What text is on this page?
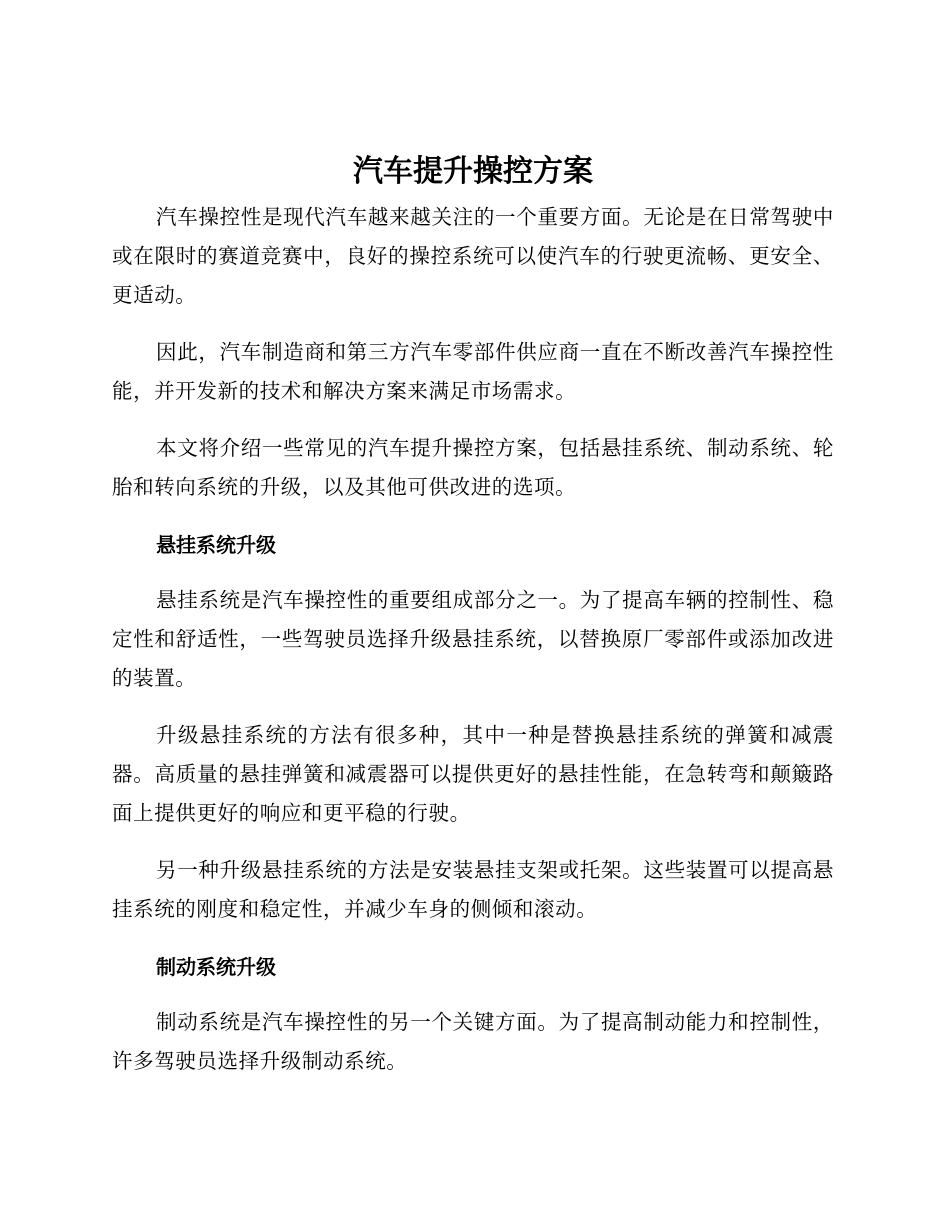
汽车提升操控方案

汽车操控性是现代汽车越来越关注的一个重要方面。无论是在日常驾驶中或在限时的赛道竞赛中，良好的操控系统可以使汽车的行驶更流畅、更安全、更适动。

因此，汽车制造商和第三方汽车零部件供应商一直在不断改善汽车操控性能，并开发新的技术和解决方案来满足市场需求。

本文将介绍一些常见的汽车提升操控方案，包括悬挂系统、制动系统、轮胎和转向系统的升级，以及其他可供改进的选项。

悬挂系统升级

悬挂系统是汽车操控性的重要组成部分之一。为了提高车辆的控制性、稳定性和舒适性，一些驾驶员选择升级悬挂系统，以替换原厂零部件或添加改进的装置。

升级悬挂系统的方法有很多种，其中一种是替换悬挂系统的弹簧和减震器。高质量的悬挂弹簧和减震器可以提供更好的悬挂性能，在急转弯和颠簸路面上提供更好的响应和更平稳的行驶。

另一种升级悬挂系统的方法是安装悬挂支架或托架。这些装置可以提高悬挂系统的刚度和稳定性，并减少车身的侧倾和滚动。

制动系统升级

制动系统是汽车操控性的另一个关键方面。为了提高制动能力和控制性，许多驾驶员选择升级制动系统。
